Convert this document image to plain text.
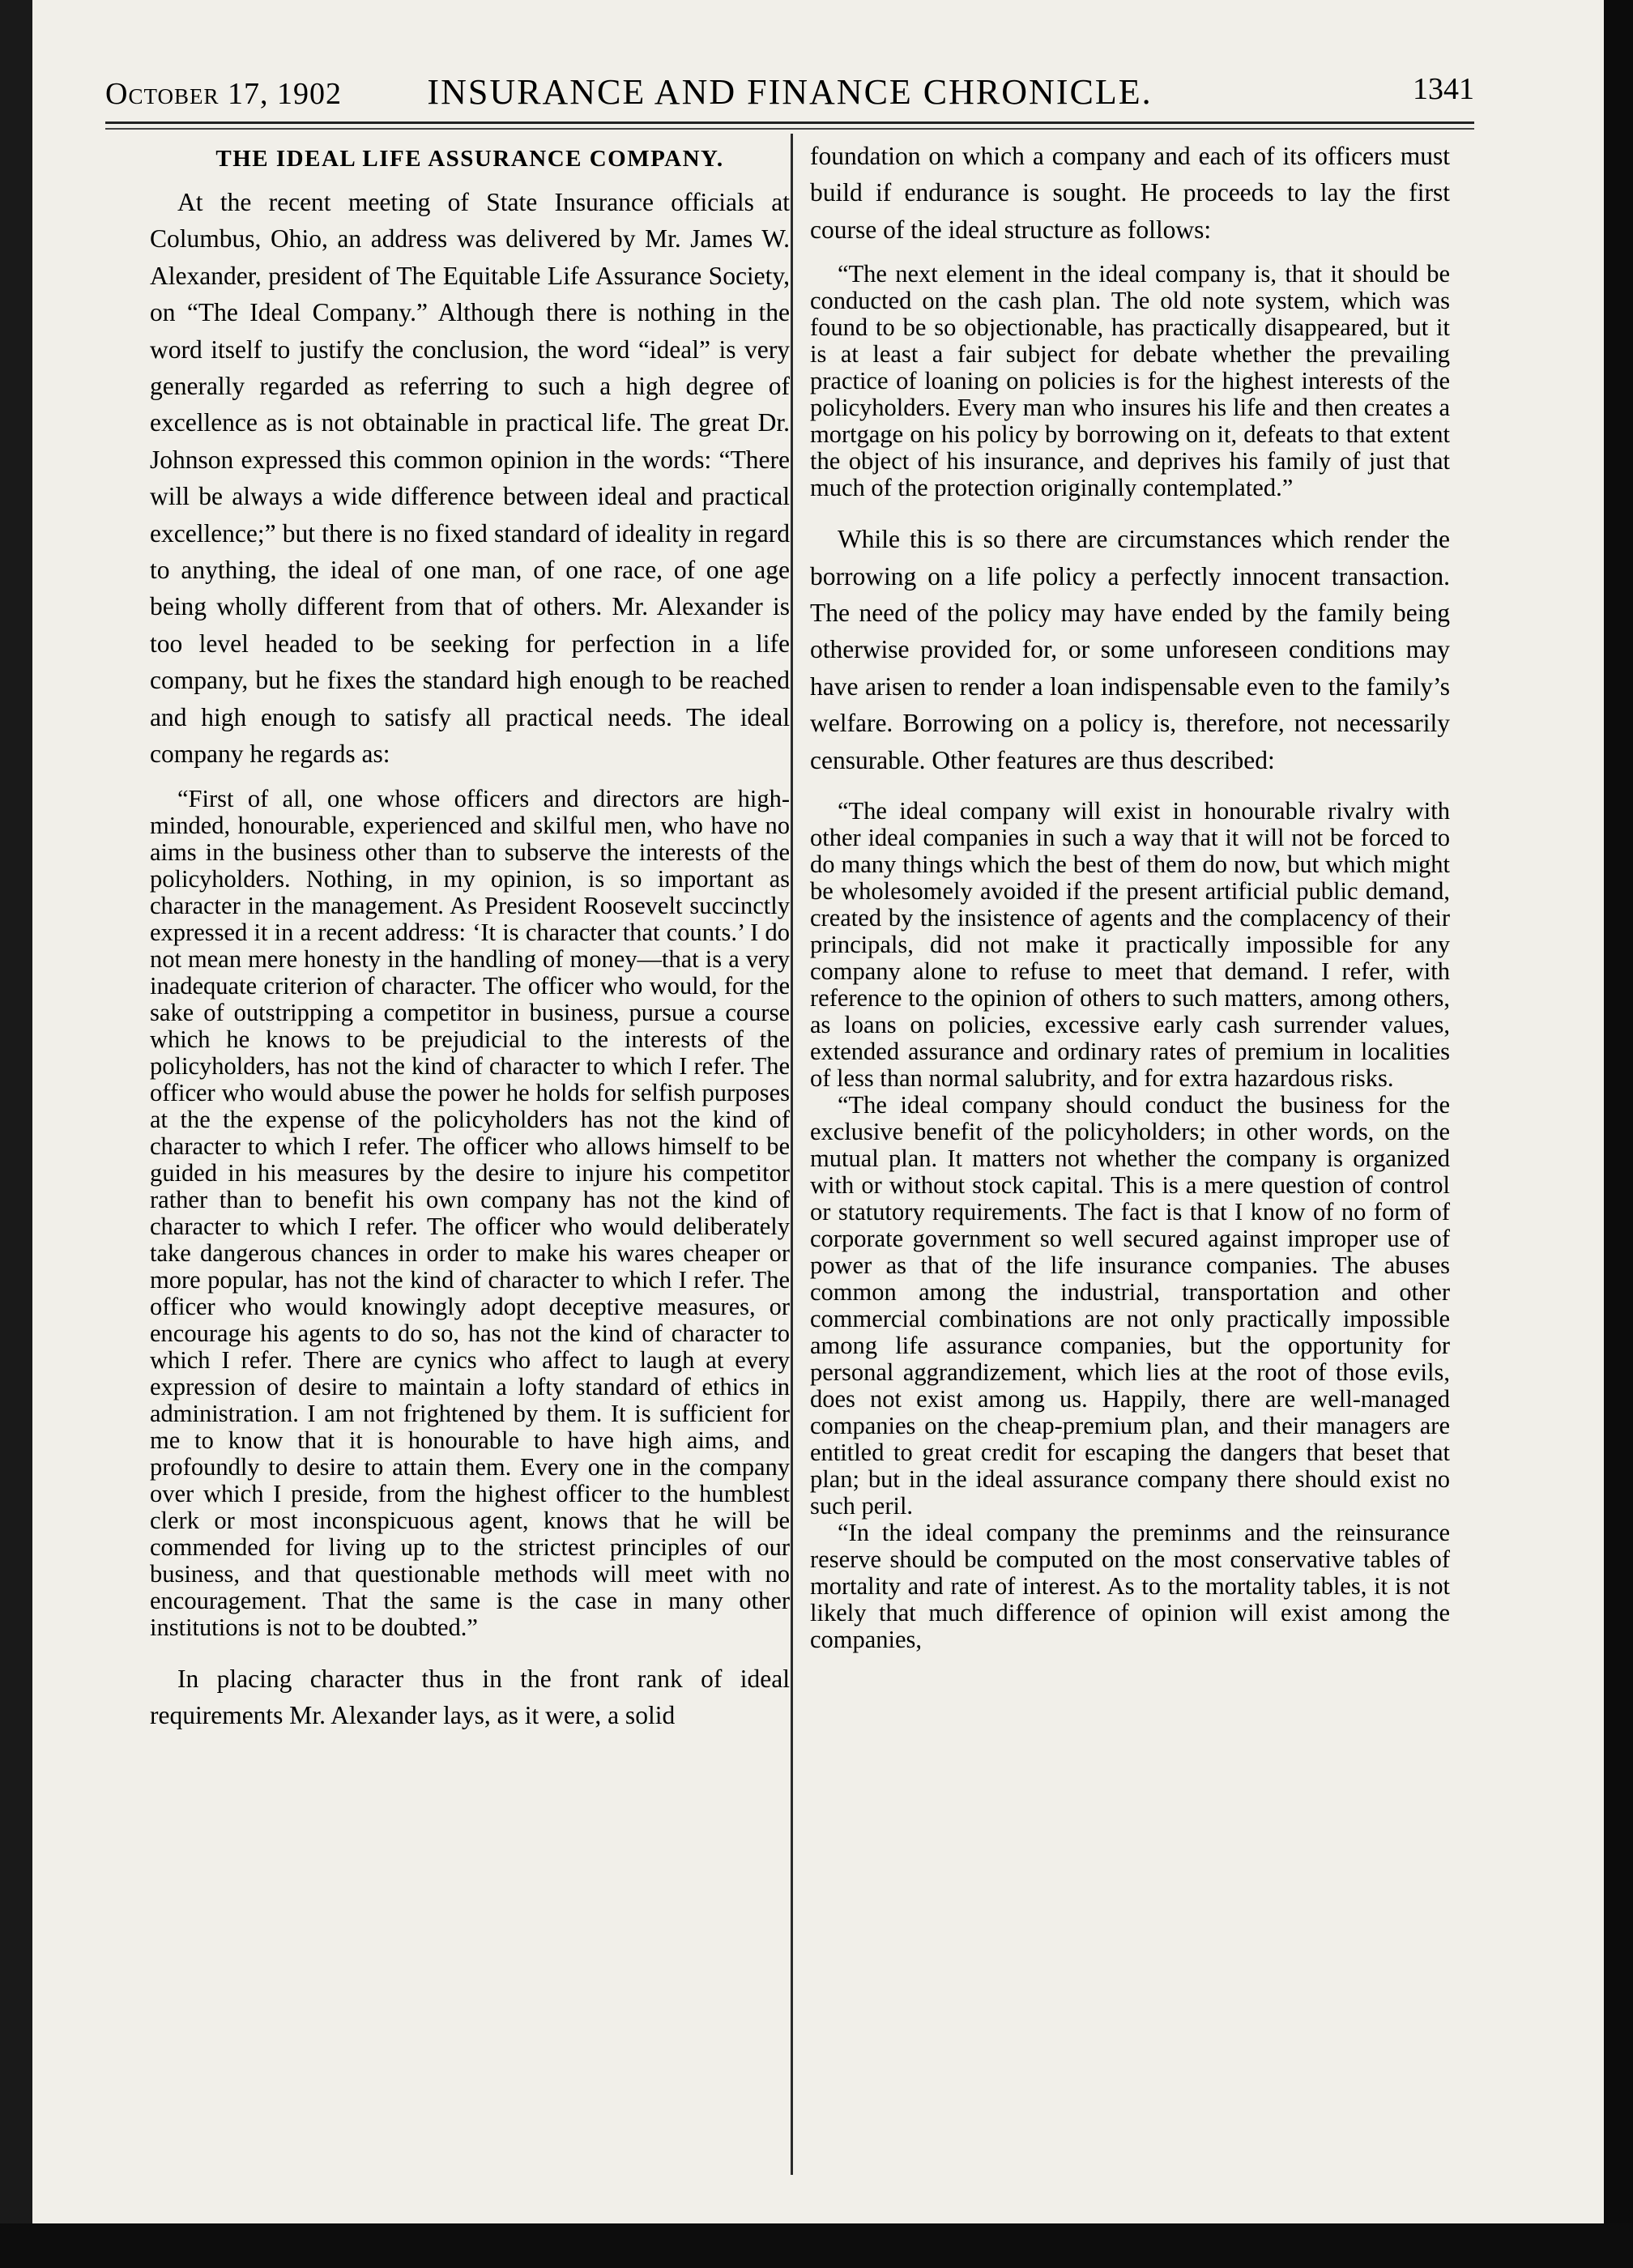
October 17, 1902	INSURANCE AND FINANCE CHRONICLE.	1341
THE IDEAL LIFE ASSURANCE COMPANY.

At the recent meeting of State Insurance officials at Columbus, Ohio, an address was delivered by Mr. James W. Alexander, president of The Equitable Life Assurance Society, on “The Ideal Company.” Although there is nothing in the word itself to justify the conclusion, the word “ideal” is very generally regarded as referring to such a high degree of excellence as is not obtainable in practical life. The great Dr. Johnson expressed this common opinion in the words: “There will be always a wide difference between ideal and practical excellence;” but there is no fixed standard of ideality in regard to anything, the ideal of one man, of one race, of one age being wholly different from that of others. Mr. Alexander is too level headed to be seeking for perfection in a life company, but he fixes the standard high enough to be reached and high enough to satisfy all practical needs. The ideal company he regards as:

“First of all, one whose officers and directors are high-minded, honourable, experienced and skilful men, who have no aims in the business other than to subserve the interests of the policyholders. Nothing, in my opinion, is so important as character in the management. As President Roosevelt succinctly expressed it in a recent address: ‘It is character that counts.’ I do not mean mere honesty in the handling of money—that is a very inadequate criterion of character. The officer who would, for the sake of outstripping a competitor in business, pursue a course which he knows to be prejudicial to the interests of the policyholders, has not the kind of character to which I refer. The officer who would abuse the power he holds for selfish purposes at the the expense of the policyholders has not the kind of character to which I refer. The officer who allows himself to be guided in his measures by the desire to injure his competitor rather than to benefit his own company has not the kind of character to which I refer. The officer who would deliberately take dangerous chances in order to make his wares cheaper or more popular, has not the kind of character to which I refer. The officer who would knowingly adopt deceptive measures, or encourage his agents to do so, has not the kind of character to which I refer. There are cynics who affect to laugh at every expression of desire to maintain a lofty standard of ethics in administration. I am not frightened by them. It is sufficient for me to know that it is honourable to have high aims, and profoundly to desire to attain them. Every one in the company over which I preside, from the highest officer to the humblest clerk or most inconspicuous agent, knows that he will be commended for living up to the strictest principles of our business, and that questionable methods will meet with no encouragement. That the same is the case in many other institutions is not to be doubted.”

In placing character thus in the front rank of ideal requirements Mr. Alexander lays, as it were, a solid

foundation on which a company and each of its officers must build if endurance is sought. He proceeds to lay the first course of the ideal structure as follows:

“The next element in the ideal company is, that it should be conducted on the cash plan. The old note system, which was found to be so objectionable, has practically disappeared, but it is at least a fair subject for debate whether the prevailing practice of loaning on policies is for the highest interests of the policyholders. Every man who insures his life and then creates a mortgage on his policy by borrowing on it, defeats to that extent the object of his insurance, and deprives his family of just that much of the protection originally contemplated.”

While this is so there are circumstances which render the borrowing on a life policy a perfectly innocent transaction. The need of the policy may have ended by the family being otherwise provided for, or some unforeseen conditions may have arisen to render a loan indispensable even to the family’s welfare. Borrowing on a policy is, therefore, not necessarily censurable. Other features are thus described:

“The ideal company will exist in honourable rivalry with other ideal companies in such a way that it will not be forced to do many things which the best of them do now, but which might be wholesomely avoided if the present artificial public demand, created by the insistence of agents and the complacency of their principals, did not make it practically impossible for any company alone to refuse to meet that demand. I refer, with reference to the opinion of others to such matters, among others, as loans on policies, excessive early cash surrender values, extended assurance and ordinary rates of premium in localities of less than normal salubrity, and for extra hazardous risks.

“The ideal company should conduct the business for the exclusive benefit of the policyholders; in other words, on the mutual plan. It matters not whether the company is organized with or without stock capital. This is a mere question of control or statutory requirements. The fact is that I know of no form of corporate government so well secured against improper use of power as that of the life insurance companies. The abuses common among the industrial, transportation and other commercial combinations are not only practically impossible among life assurance companies, but the opportunity for personal aggrandizement, which lies at the root of those evils, does not exist among us. Happily, there are well-managed companies on the cheap-premium plan, and their managers are entitled to great credit for escaping the dangers that beset that plan; but in the ideal assurance company there should exist no such peril.

“In the ideal company the preminms and the reinsurance reserve should be computed on the most conservative tables of mortality and rate of interest. As to the mortality tables, it is not likely that much difference of opinion will exist among the companies,
